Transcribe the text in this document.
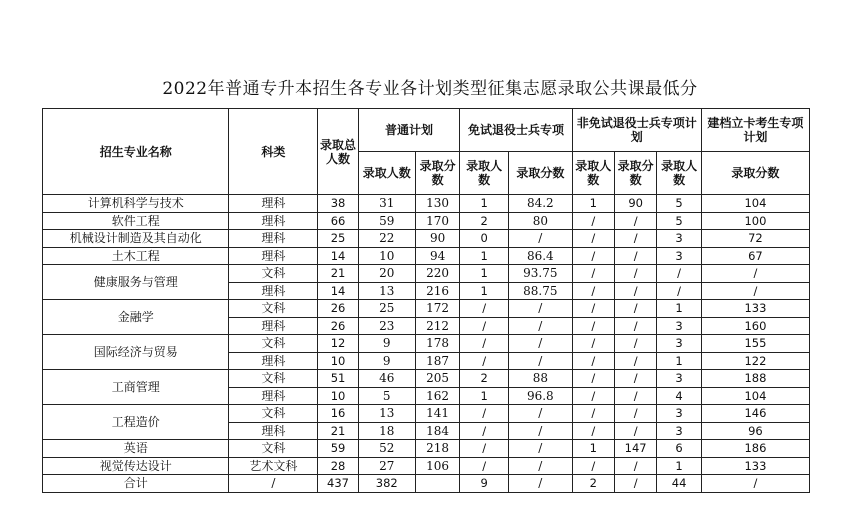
2022年普通专升本招生各专业各计划类型征集志愿录取公共课最低分
招生专业名称	科类	录取总人数	普通计划		免试退役士兵专项		非免试退役士兵专项计划			建档立卡考生专项计划
			录取人数	录取分数	录取人数	录取分数	录取人数	录取分数	录取人数	录取分数
计算机科学与技术	理科	38	31	130	1	84.2	1	90	5	104
软件工程	理科	66	59	170	2	80	/	/	5	100
机械设计制造及其自动化	理科	25	22	90	0	/	/	/	3	72
土木工程	理科	14	10	94	1	86.4	/	/	3	67
健康服务与管理	文科	21	20	220	1	93.75	/	/	/	/
	理科	14	13	216	1	88.75	/	/	/	/
金融学	文科	26	25	172	/	/	/	/	1	133
	理科	26	23	212	/	/	/	/	3	160
国际经济与贸易	文科	12	9	178	/	/	/	/	3	155
	理科	10	9	187	/	/	/	/	1	122
工商管理	文科	51	46	205	2	88	/	/	3	188
	理科	10	5	162	1	96.8	/	/	4	104
工程造价	文科	16	13	141	/	/	/	/	3	146
	理科	21	18	184	/	/	/	/	3	96
英语	文科	59	52	218	/	/	1	147	6	186
视觉传达设计	艺术文科	28	27	106	/	/	/	/	1	133
合计	/	437	382		9	/	2	/	44	/
